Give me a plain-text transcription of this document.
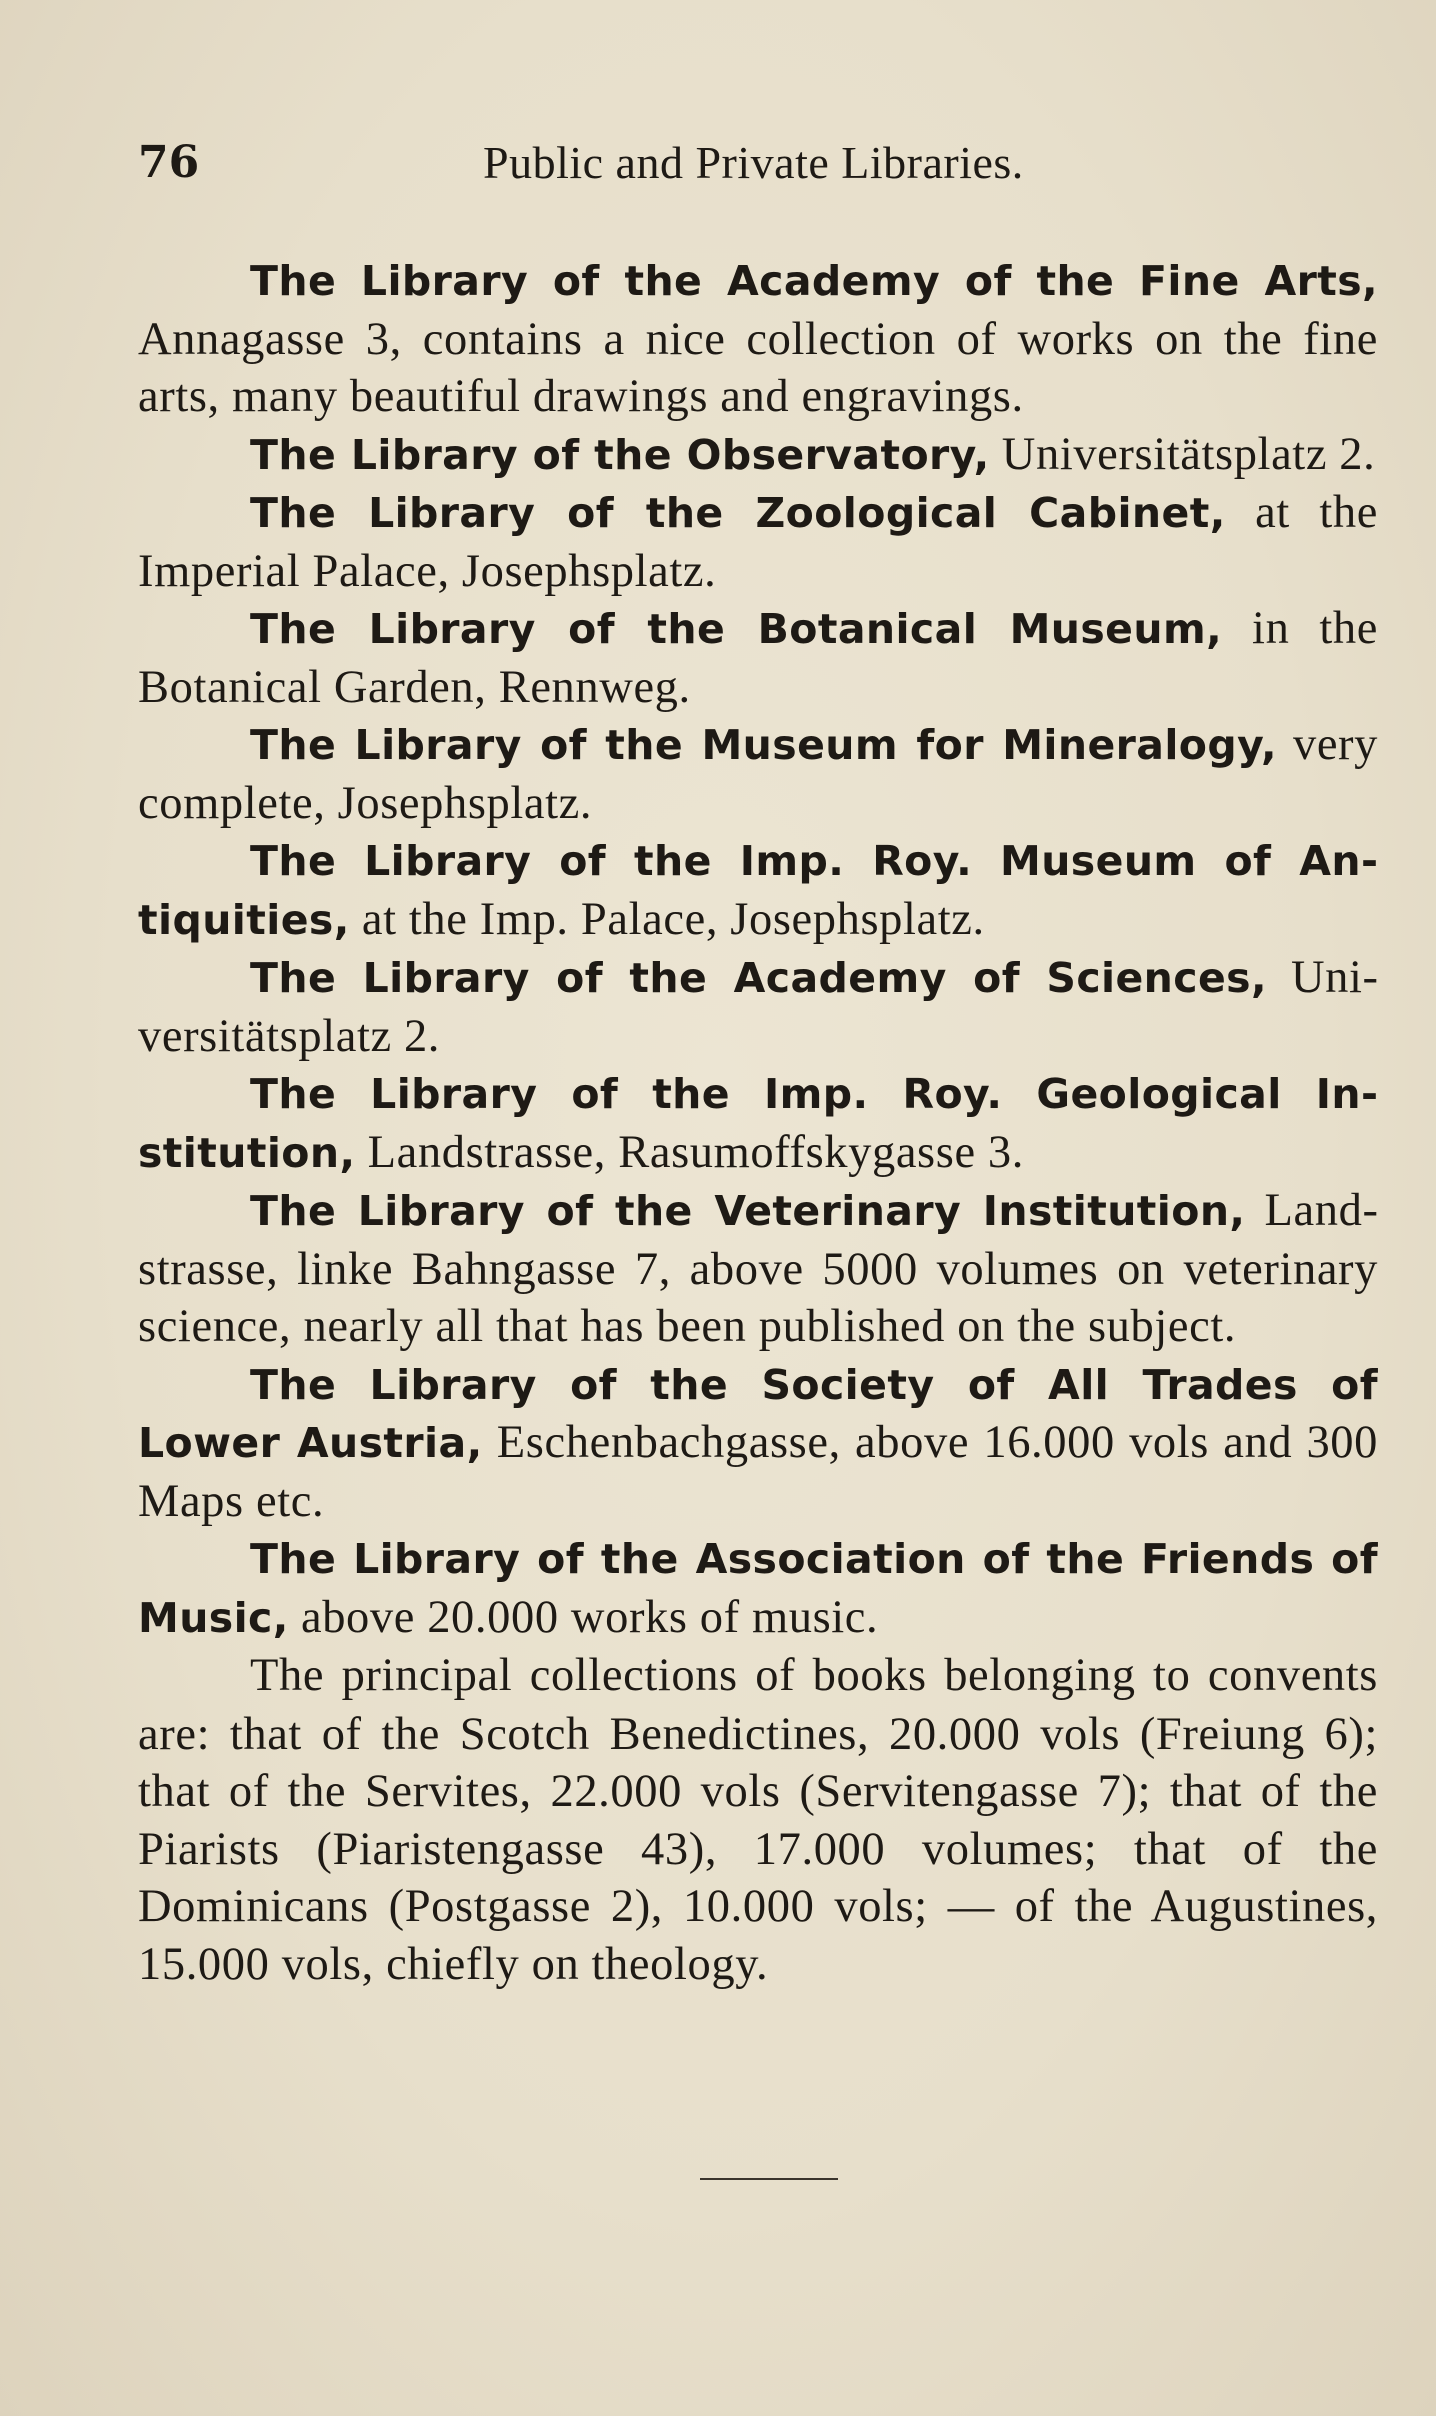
76	Public and Private Libraries.

The Library of the Academy of the Fine Arts, Annagasse 3, contains a nice collection of works on the fine arts, many beautiful drawings and engravings.

The Library of the Observatory, Universitätsplatz 2.

The Library of the Zoological Cabinet, at the Imperial Palace, Josephsplatz.

The Library of the Botanical Museum, in the Botanical Garden, Rennweg.

The Library of the Museum for Mineralogy, very complete, Josephsplatz.

The Library of the Imp. Roy. Museum of Antiquities, at the Imp. Palace, Josephsplatz.

The Library of the Academy of Sciences, Universitätsplatz 2.

The Library of the Imp. Roy. Geological Institution, Landstrasse, Rasumoffskygasse 3.

The Library of the Veterinary Institution, Landstrasse, linke Bahngasse 7, above 5000 volumes on veterinary science, nearly all that has been published on the subject.

The Library of the Society of All Trades of Lower Austria, Eschenbachgasse, above 16.000 vols and 300 Maps etc.

The Library of the Association of the Friends of Music, above 20.000 works of music.

The principal collections of books belonging to convents are: that of the Scotch Benedictines, 20.000 vols (Freiung 6); that of the Servites, 22.000 vols (Servitengasse 7); that of the Piarists (Piaristengasse 43), 17.000 volumes; that of the Dominicans (Postgasse 2), 10.000 vols; — of the Augustines, 15.000 vols, chiefly on theology.
